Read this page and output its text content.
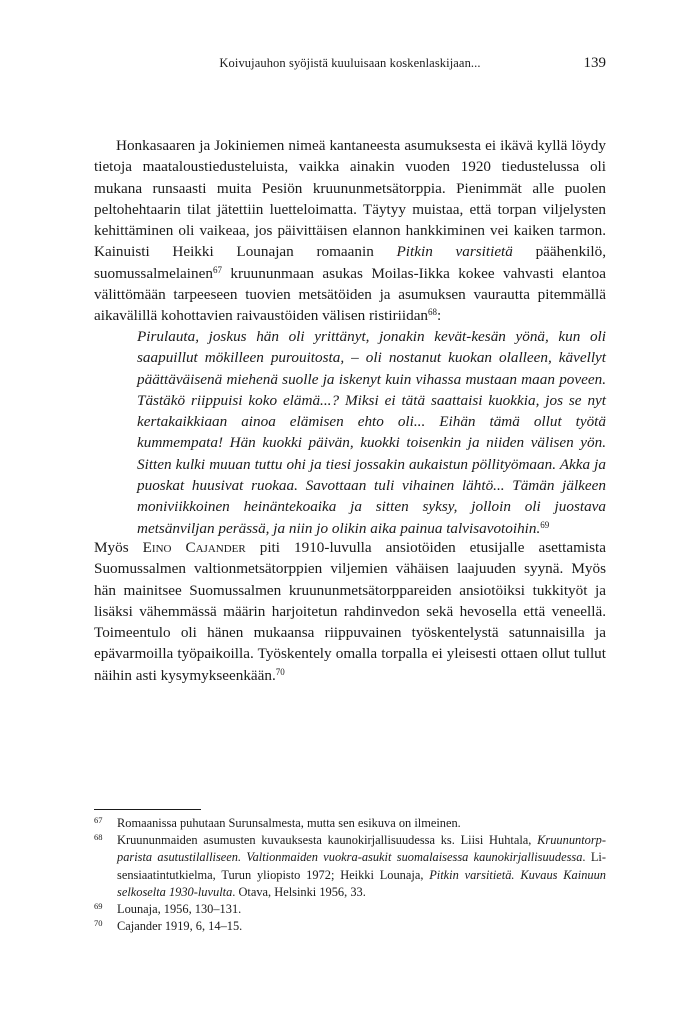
Koivujauhon syöjistä kuuluisaan koskenlaskijaan...	139

Honkasaaren ja Jokiniemen nimeä kantaneesta asumuksesta ei ikävä kyllä löydy tietoja maataloustiedusteluista, vaikka ainakin vuoden 1920 tiedustelussa oli mukana runsaasti muita Pesiön kruununmetsätorppia. Pienimmät alle puolen peltohehtaarin tilat jätettiin luetteloimatta. Täytyy muistaa, että torpan viljelysten kehittäminen oli vaikeaa, jos päivittäisen elannon hankkiminen vei kaiken tarmon. Kainuisti Heikki Lounajan romaanin Pitkin varsitietä päähenkilö, suomussalmelainen$^{67}$ kruununmaan asukas Moilas-Iikka kokee vahvasti elantoa välittömään tarpeeseen tuovien metsätöiden ja asumuksen vaurautta pitemmällä aikavälillä kohottavien raivaustöiden välisen ristiriidan$^{68}$:

Pirulauta, joskus hän oli yrittänyt, jonakin kevät-kesän yönä, kun oli saapuillut mökilleen purouitosta, – oli nostanut kuokan olalleen, kävellyt päättäväisenä miehenä suolle ja iskenyt kuin vihassa mustaan maan poveen. Tästäkö riippuisi koko elämä...? Miksi ei tätä saattaisi kuokkia, jos se nyt kertakaikkiaan ainoa elämisen ehto oli... Eihän tämä ollut työtä kummempata! Hän kuokki päivän, kuokki toisenkin ja niiden välisen yön. Sitten kulki muuan tuttu ohi ja tiesi jossakin aukaistun pöllityömaan. Akka ja puoskat huusivat ruokaa. Savottaan tuli vihainen lähtö... Tämän jälkeen moniviikkoinen heinäntekoaika ja sitten syksy, jolloin oli juostava metsänviljan perässä, ja niin jo olikin aika painua talvisavotoihin.$^{69}$

Myös Eino Cajander piti 1910-luvulla ansiotöiden etusijalle asettamista Suomussalmen valtionmetsätorppien viljemien vähäisen laajuuden syynä. Myös hän mainitsee Suomussalmen kruununmetsätorppareiden ansiotöiksi tukkityöt ja lisäksi vähemmässä määrin harjoitetun rahdinvedon sekä hevosella että veneellä. Toimeentulo oli hänen mukaansa riippuvainen työskentelystä satunnaisilla ja epävarmoilla työpaikoilla. Työskentely omalla torpalla ei yleisesti ottaen ollut tullut näihin asti kysymykseenkään.$^{70}$

67 Romaanissa puhutaan Surunsalmesta, mutta sen esikuva on ilmeinen.

68 Kruununmaiden asumusten kuvauksesta kaunokirjallisuudessa ks. Liisi Huhtala, Kruununtorpparista asutustilalliseen. Valtionmaiden vuokra-asukit suomalaisessa kaunokirjallisuudessa. Lisensiaatintutkielma, Turun yliopisto 1972; Heikki Lounaja, Pitkin varsitietä. Kuvaus Kainuun selkoselta 1930-luvulta. Otava, Helsinki 1956, 33.

69 Lounaja, 1956, 130–131.

70 Cajander 1919, 6, 14–15.
